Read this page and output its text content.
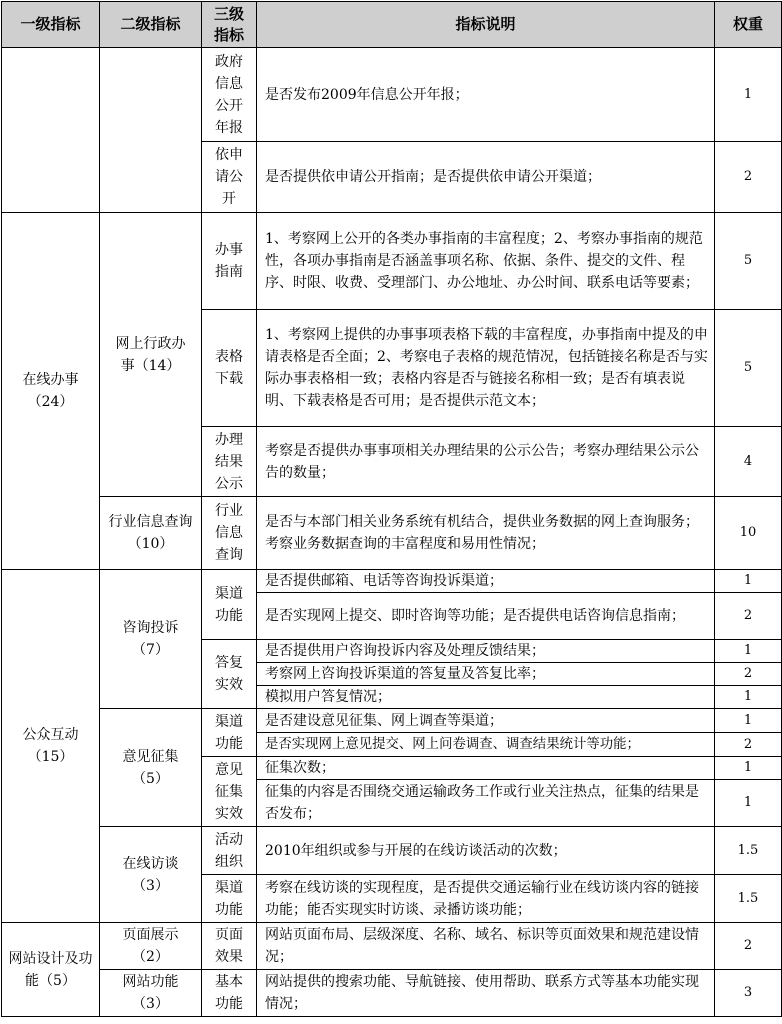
一级指标	二级指标	三级指标	指标说明	权重
		政府信息公开年报	是否发布2009年信息公开年报；	1
		依申请公开	是否提供依申请公开指南；是否提供依申请公开渠道；	2
在线办事（24）	网上行政办事（14）	办事指南	1、考察网上公开的各类办事指南的丰富程度；2、考察办事指南的规范性，各项办事指南是否涵盖事项名称、依据、条件、提交的文件、程序、时限、收费、受理部门、办公地址、办公时间、联系电话等要素；	5
		表格下载	1、考察网上提供的办事事项表格下载的丰富程度，办事指南中提及的申请表格是否全面；2、考察电子表格的规范情况，包括链接名称是否与实际办事表格相一致；表格内容是否与链接名称相一致；是否有填表说明、下载表格是否可用；是否提供示范文本；	5
		办理结果公示	考察是否提供办事事项相关办理结果的公示公告；考察办理结果公示公告的数量；	4
	行业信息查询（10）	行业信息查询	是否与本部门相关业务系统有机结合，提供业务数据的网上查询服务；考察业务数据查询的丰富程度和易用性情况；	10
公众互动（15）	咨询投诉（7）	渠道功能	是否提供邮箱、电话等咨询投诉渠道；	1
			是否实现网上提交、即时咨询等功能；是否提供电话咨询信息指南；	2
		答复实效	是否提供用户咨询投诉内容及处理反馈结果；	1
			考察网上咨询投诉渠道的答复量及答复比率；	2
			模拟用户答复情况；	1
	意见征集（5）	渠道功能	是否建设意见征集、网上调查等渠道；	1
			是否实现网上意见提交、网上问卷调查、调查结果统计等功能；	2
		意见征集实效	征集次数；	1
			征集的内容是否围绕交通运输政务工作或行业关注热点，征集的结果是否发布；	1
	在线访谈（3）	活动组织	2010年组织或参与开展的在线访谈活动的次数；	1.5
		渠道功能	考察在线访谈的实现程度，是否提供交通运输行业在线访谈内容的链接功能；能否实现实时访谈、录播访谈功能；	1.5
网站设计及功能（5）	页面展示（2）	页面效果	网站页面布局、层级深度、名称、域名、标识等页面效果和规范建设情况；	2
	网站功能（3）	基本功能	网站提供的搜索功能、导航链接、使用帮助、联系方式等基本功能实现情况；	3
